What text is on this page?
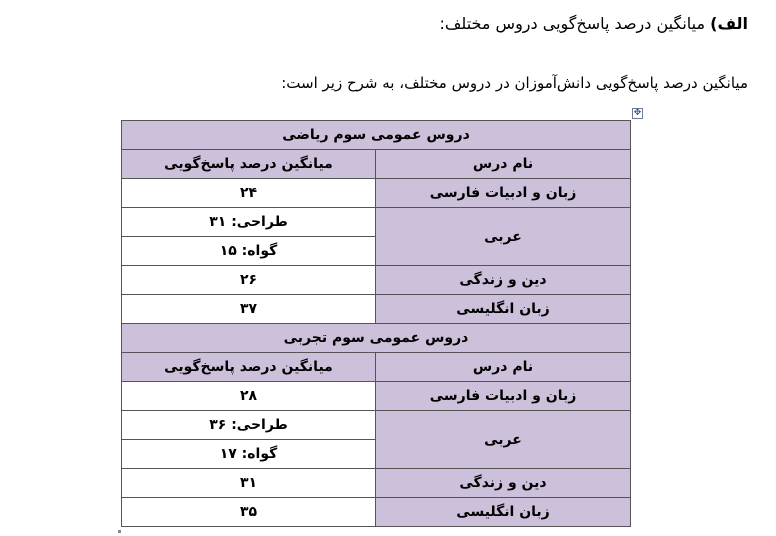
الف) میانگین درصد پاسخ‌گویی دروس مختلف:
میانگین درصد پاسخ‌گویی دانش‌آموزان در دروس مختلف، به شرح زیر است:
✥
دروس عمومی سوم ریاضی	
نام درس	میانگین درصد پاسخ‌گویی
زبان و ادبیات فارسی	۲۴
عربی	طراحی: ۳۱
	گواه: ۱۵
دین و زندگی	۲۶
زبان انگلیسی	۳۷
دروس عمومی سوم تجربی	
نام درس	میانگین درصد پاسخ‌گویی
زبان و ادبیات فارسی	۲۸
عربی	طراحی: ۳۶
	گواه: ۱۷
دین و زندگی	۳۱
زبان انگلیسی	۳۵
